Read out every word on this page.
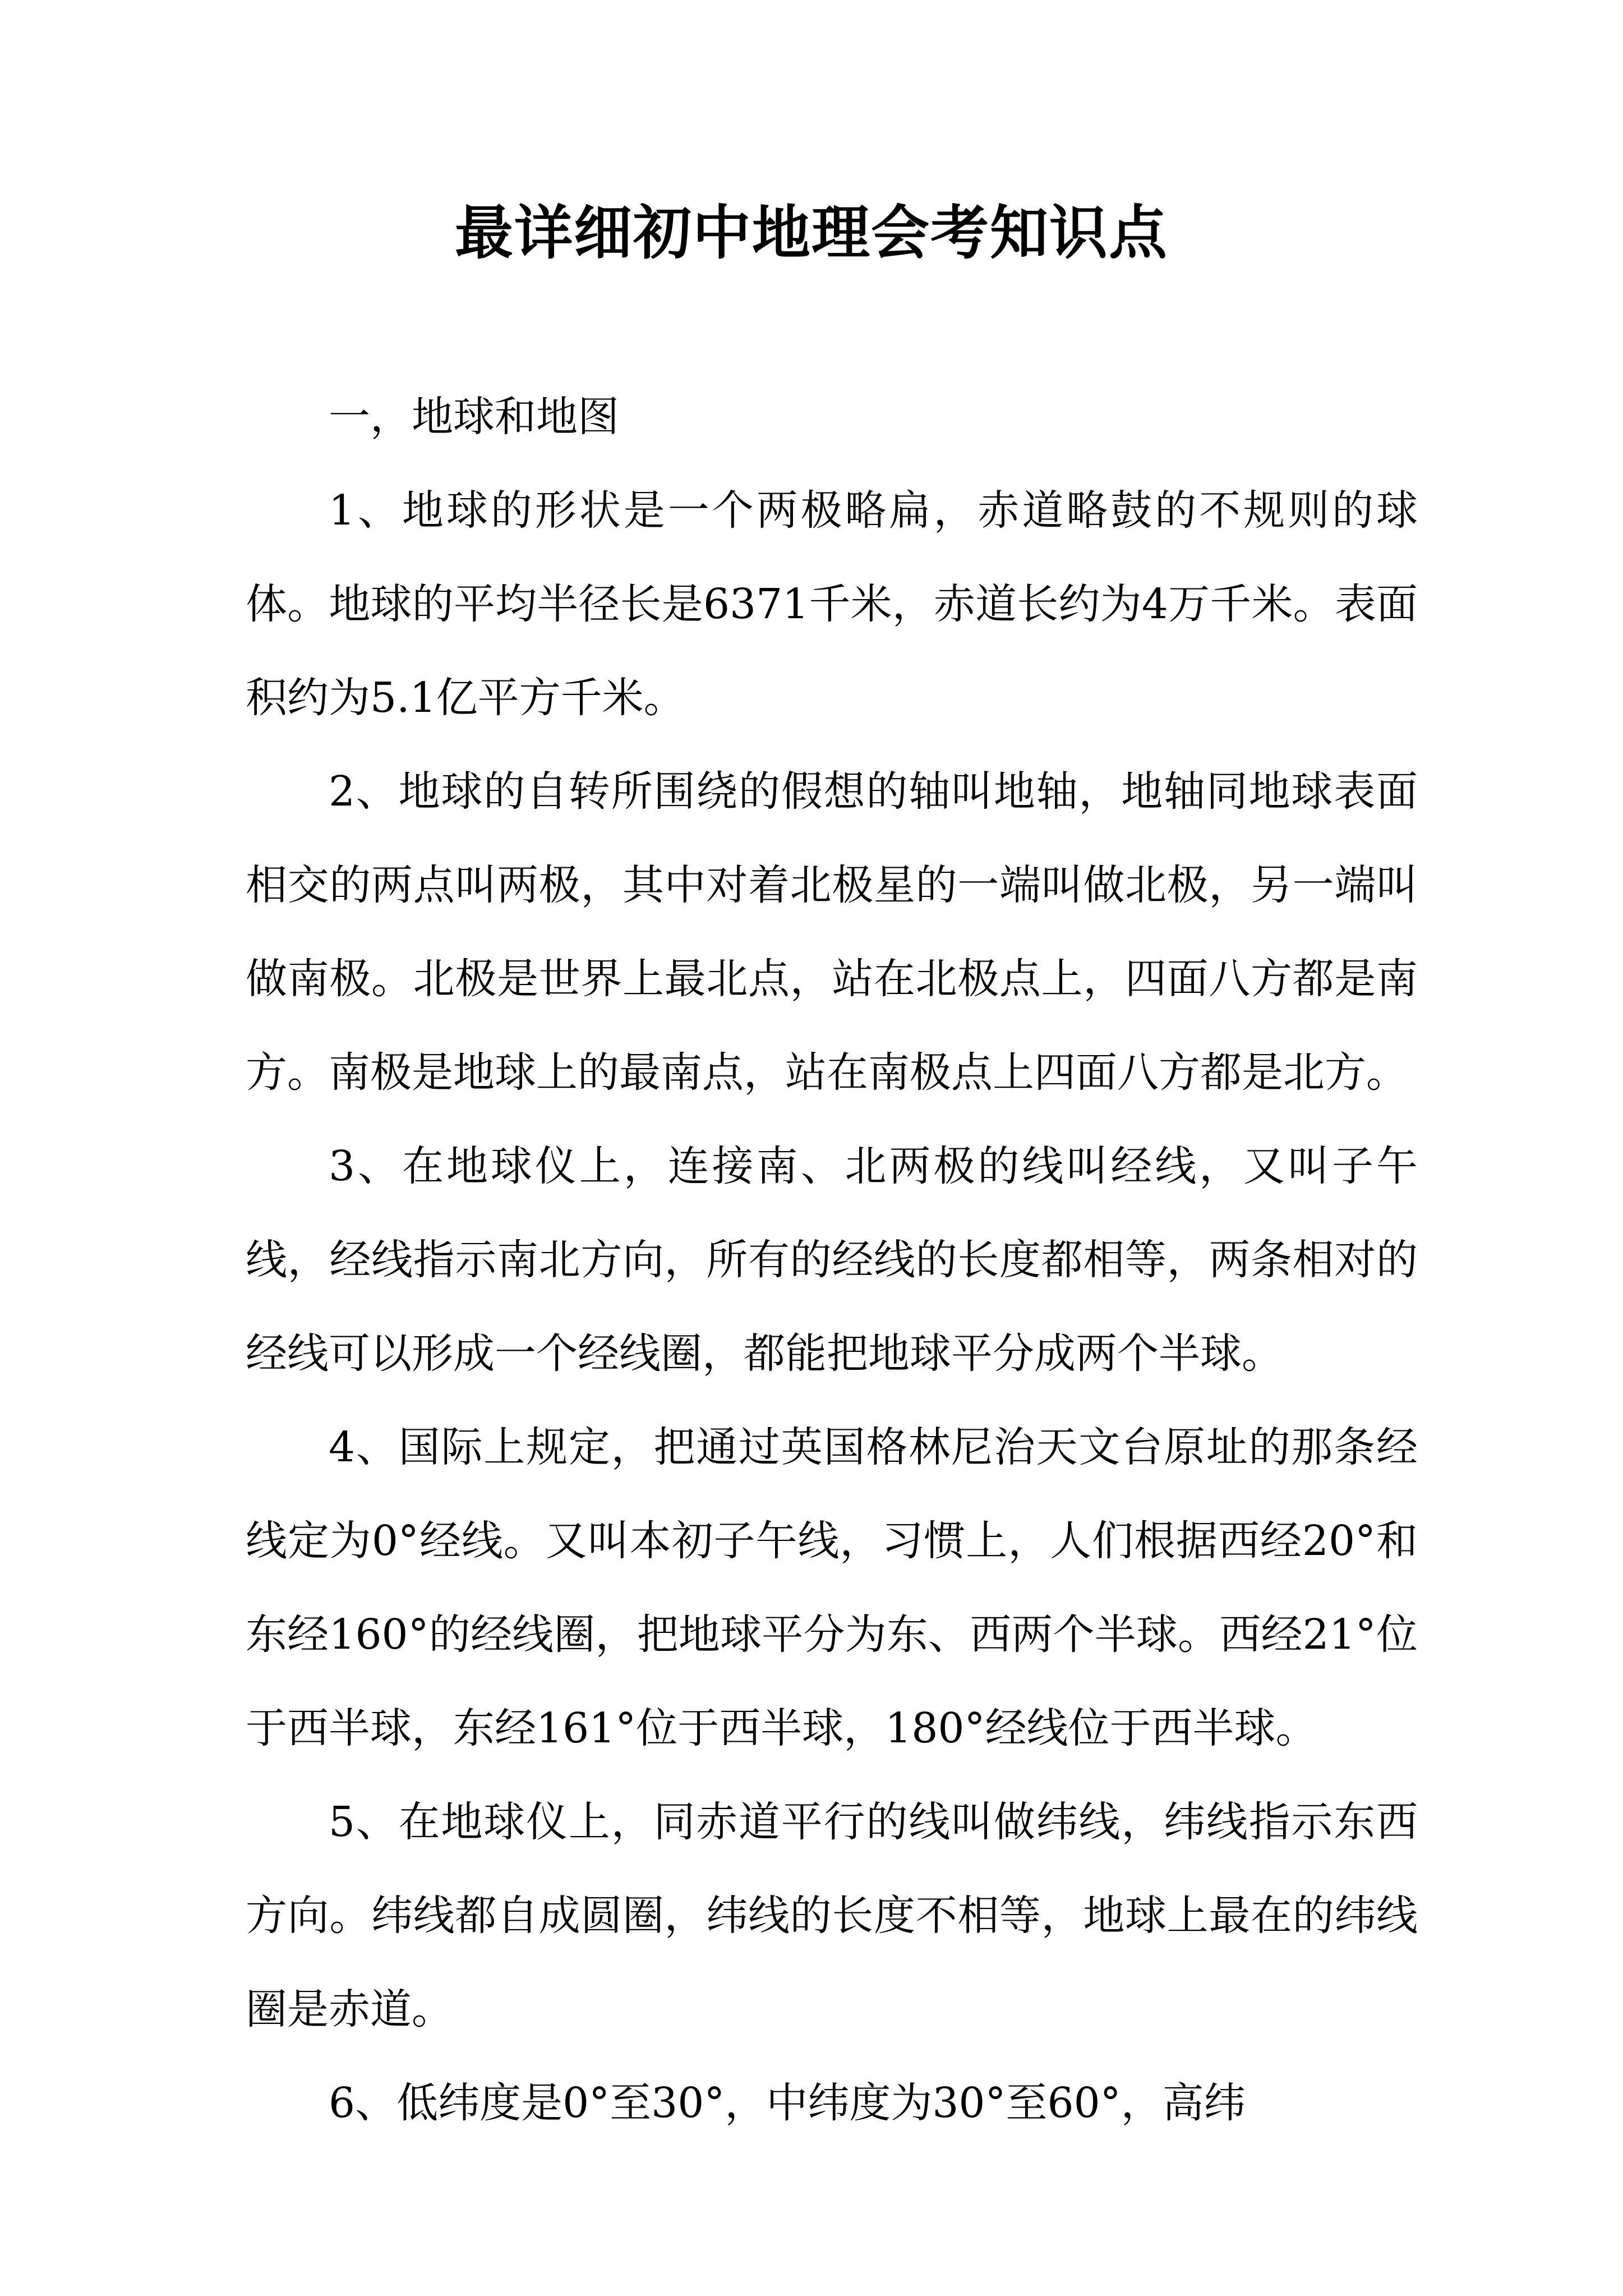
最详细初中地理会考知识点

一，地球和地图

1、地球的形状是一个两极略扁，赤道略鼓的不规则的球体。地球的平均半径长是6371千米，赤道长约为4万千米。表面积约为5.1亿平方千米。

2、地球的自转所围绕的假想的轴叫地轴，地轴同地球表面相交的两点叫两极，其中对着北极星的一端叫做北极，另一端叫做南极。北极是世界上最北点，站在北极点上，四面八方都是南方。南极是地球上的最南点，站在南极点上四面八方都是北方。

3、在地球仪上，连接南、北两极的线叫经线，又叫子午线，经线指示南北方向，所有的经线的长度都相等，两条相对的经线可以形成一个经线圈，都能把地球平分成两个半球。

4、国际上规定，把通过英国格林尼治天文台原址的那条经线定为0°经线。又叫本初子午线，习惯上，人们根据西经20°和东经160°的经线圈，把地球平分为东、西两个半球。西经21°位于西半球，东经161°位于西半球，180°经线位于西半球。

5、在地球仪上，同赤道平行的线叫做纬线，纬线指示东西方向。纬线都自成圆圈，纬线的长度不相等，地球上最在的纬线圈是赤道。

6、低纬度是0°至30°，中纬度为30°至60°，高纬
